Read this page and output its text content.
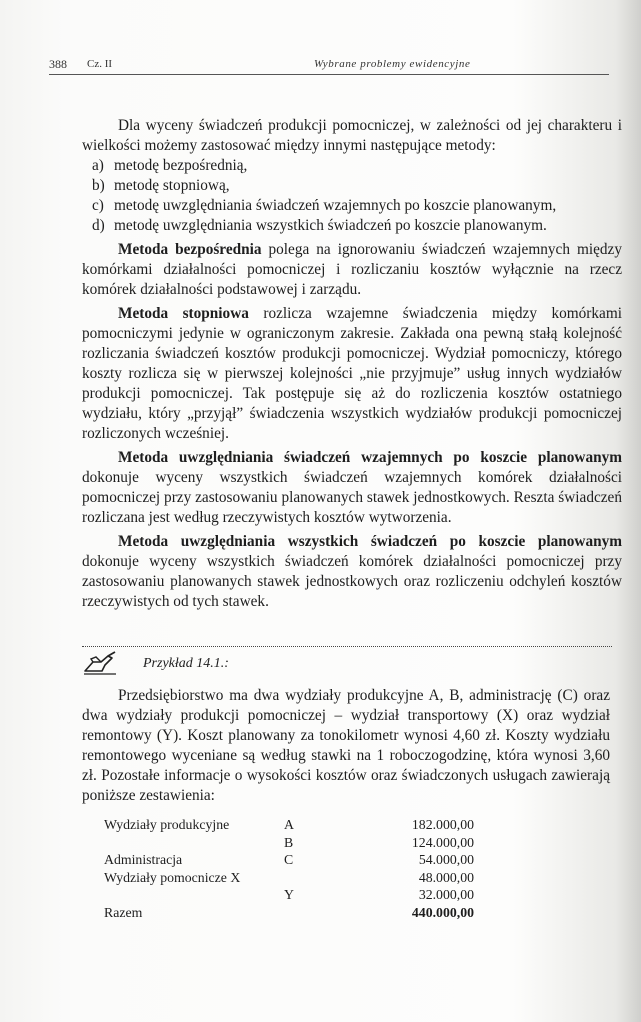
388 Cz. II	Wybrane problemy ewidencyjne

Dla wyceny świadczeń produkcji pomocniczej, w zależności od jej charakteru i wielkości możemy zastosować między innymi następujące metody:

a) metodę bezpośrednią,
b) metodę stopniową,
c) metodę uwzględniania świadczeń wzajemnych po koszcie planowanym,
d) metodę uwzględniania wszystkich świadczeń po koszcie planowanym.

Metoda bezpośrednia polega na ignorowaniu świadczeń wzajemnych między komórkami działalności pomocniczej i rozliczaniu kosztów wyłącznie na rzecz komórek działalności podstawowej i zarządu.

Metoda stopniowa rozlicza wzajemne świadczenia między komórkami pomocniczymi jedynie w ograniczonym zakresie. Zakłada ona pewną stałą kolejność rozliczania świadczeń kosztów produkcji pomocniczej. Wydział pomocniczy, którego koszty rozlicza się w pierwszej kolejności „nie przyjmuje” usług innych wydziałów produkcji pomocniczej. Tak postępuje się aż do rozliczenia kosztów ostatniego wydziału, który „przyjął” świadczenia wszystkich wydziałów produkcji pomocniczej rozliczonych wcześniej.

Metoda uwzględniania świadczeń wzajemnych po koszcie planowanym dokonuje wyceny wszystkich świadczeń wzajemnych komórek działalności pomocniczej przy zastosowaniu planowanych stawek jednostkowych. Reszta świadczeń rozliczana jest według rzeczywistych kosztów wytworzenia.

Metoda uwzględniania wszystkich świadczeń po koszcie planowanym dokonuje wyceny wszystkich świadczeń komórek działalności pomocniczej przy zastosowaniu planowanych stawek jednostkowych oraz rozliczeniu odchyleń kosztów rzeczywistych od tych stawek.

Przykład 14.1.:

Przedsiębiorstwo ma dwa wydziały produkcyjne A, B, administrację (C) oraz dwa wydziały produkcji pomocniczej – wydział transportowy (X) oraz wydział remontowy (Y). Koszt planowany za tonokilometr wynosi 4,60 zł. Koszty wydziału remontowego wyceniane są według stawki na 1 roboczogodzinę, która wynosi 3,60 zł. Pozostałe informacje o wysokości kosztów oraz świadczonych usługach zawierają poniższe zestawienia:

Wydziały produkcyjne	A	182.000,00
	B	124.000,00
Administracja	C	54.000,00
Wydziały pomocnicze X		48.000,00
	Y	32.000,00
Razem		440.000,00
